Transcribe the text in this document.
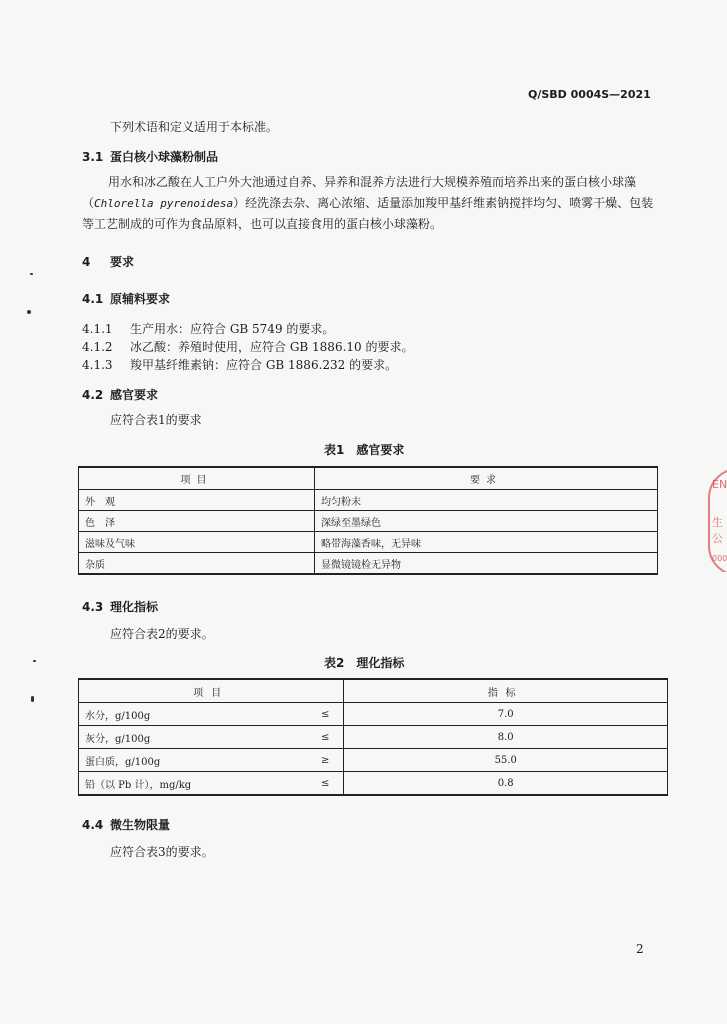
Q/SBD 0004S—2021
下列术语和定义适用于本标准。
3.1 蛋白核小球藻粉制品
用水和冰乙酸在人工户外大池通过自养、异养和混养方法进行大规模养殖而培养出来的蛋白核小球藻（Chlorella pyrenoidesa）经洗涤去杂、离心浓缩、适量添加羧甲基纤维素钠搅拌均匀、喷雾干燥、包装等工艺制成的可作为食品原料，也可以直接食用的蛋白核小球藻粉。
4 要求
4.1 原辅料要求
4.1.1 生产用水：应符合 GB 5749 的要求。
4.1.2 冰乙酸：养殖时使用，应符合 GB 1886.10 的要求。
4.1.3 羧甲基纤维素钠：应符合 GB 1886.232 的要求。
4.2 感官要求
应符合表1的要求
表1　感官要求
项目	要求
外　观	均匀粉末
色　泽	深绿至墨绿色
滋味及气味	略带海藻香味，无异味
杂质	显微镜镜检无异物
4.3 理化指标
应符合表2的要求。
表2　理化指标
项目		指标
水分，g/100g	≤	7.0
灰分，g/100g	≤	8.0
蛋白质，g/100g	≥	55.0
铅（以 Pb 计），mg/kg	≤	0.8
4.4 微生物限量
应符合表3的要求。
2
EN
生
公
000
